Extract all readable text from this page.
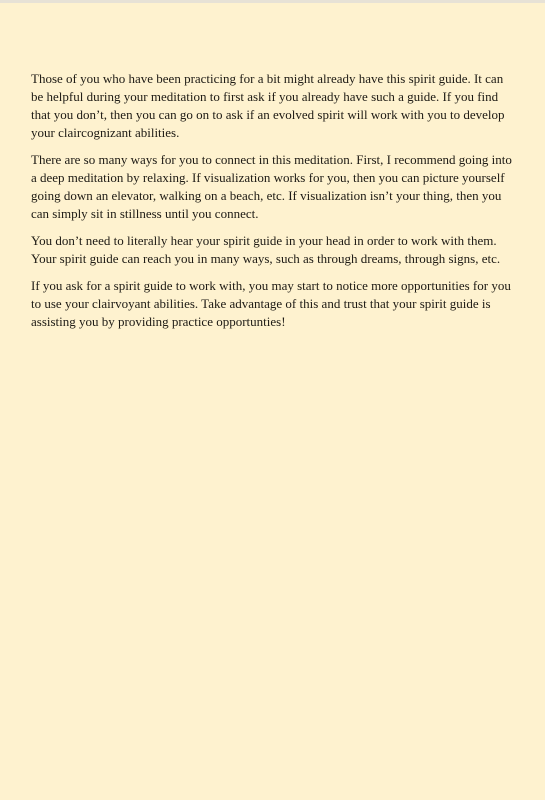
Those of you who have been practicing for a bit might already have this spirit guide. It can be helpful during your meditation to first ask if you already have such a guide. If you find that you don’t, then you can go on to ask if an evolved spirit will work with you to develop your claircognizant abilities.

There are so many ways for you to connect in this meditation. First, I recommend going into a deep meditation by relaxing. If visualization works for you, then you can picture yourself going down an elevator, walking on a beach, etc. If visualization isn’t your thing, then you can simply sit in stillness until you connect.

You don’t need to literally hear your spirit guide in your head in order to work with them. Your spirit guide can reach you in many ways, such as through dreams, through signs, etc.

If you ask for a spirit guide to work with, you may start to notice more opportunities for you to use your clairvoyant abilities. Take advantage of this and trust that your spirit guide is assisting you by providing practice opportunties!
